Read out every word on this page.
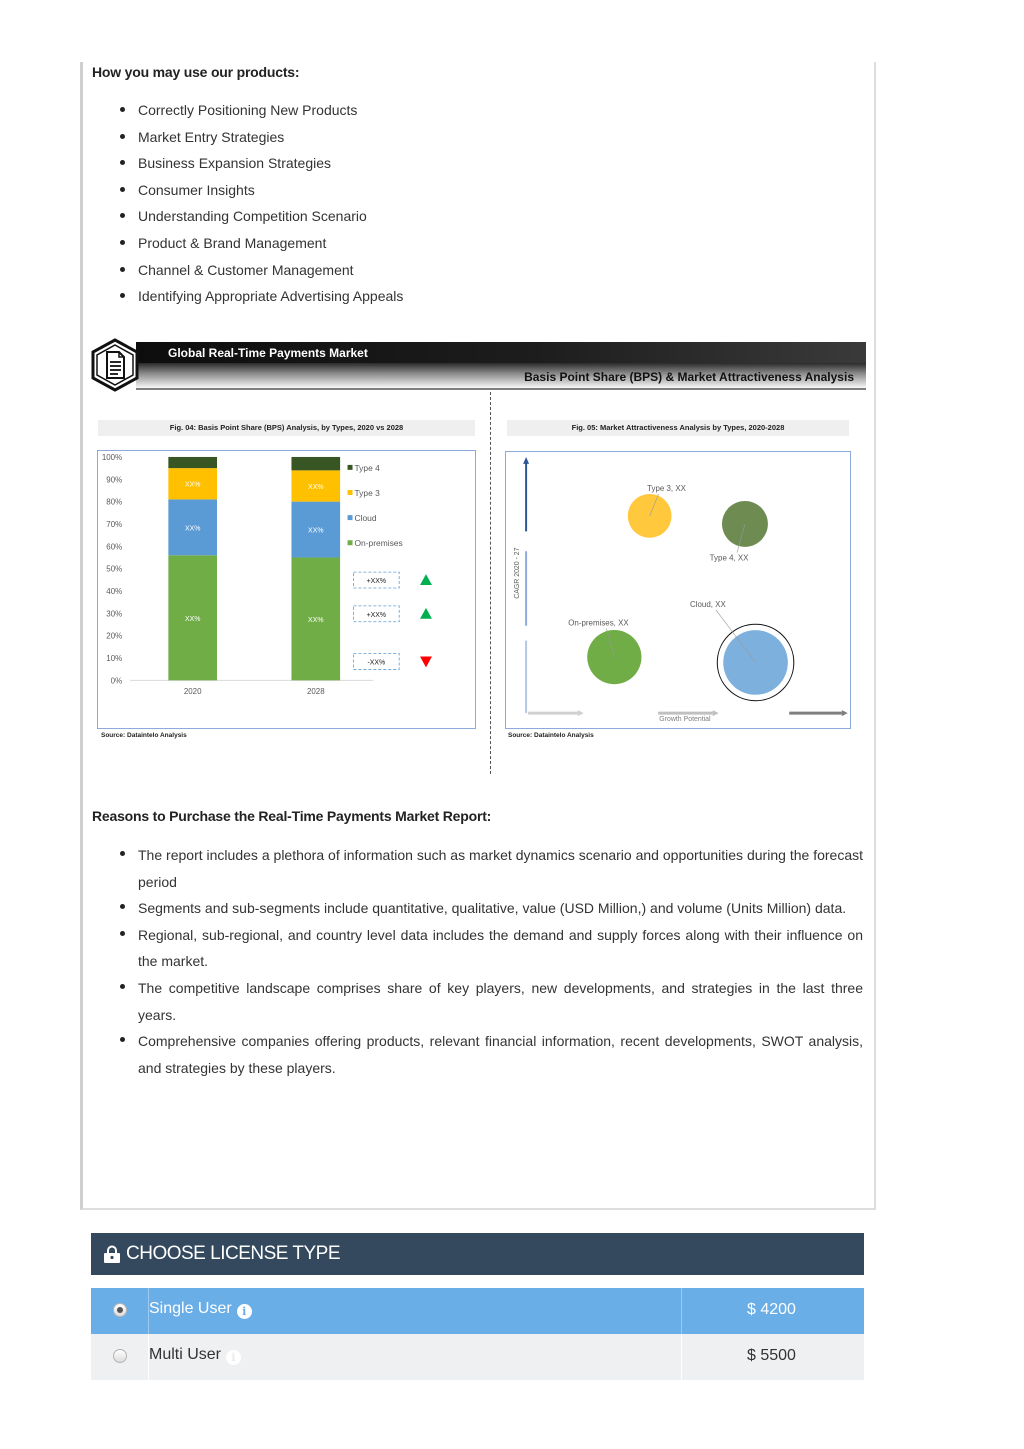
How you may use our products:
Correctly Positioning New Products
Market Entry Strategies
Business Expansion Strategies
Consumer Insights
Understanding Competition Scenario
Product & Brand Management
Channel & Customer Management
Identifying Appropriate Advertising Appeals
Global Real-Time Payments Market
Basis Point Share (BPS) & Market Attractiveness Analysis
Fig. 04: Basis Point Share (BPS) Analysis, by Types, 2020 vs 2028
0%
10%
20%
30%
40%
50%
60%
70%
80%
90%
100%
XX%
XX%
XX%
2020
XX%
XX%
XX%
2028
Type 4
Type 3
Cloud
On-premises
+XX%
+XX%
-XX%
Source: Dataintelo Analysis
Fig. 05: Market Attractiveness Analysis by Types, 2020-2028
CAGR 2020 - 27
Growth Potential
Type 3, XX
Type 4, XX
On-premises, XX
Cloud, XX
Source: Dataintelo Analysis
Reasons to Purchase the Real-Time Payments Market Report:
The report includes a plethora of information such as market dynamics scenario and opportunities during the forecast period
Segments and sub-segments include quantitative, qualitative, value (USD Million,) and volume (Units Million) data.
Regional, sub-regional, and country level data includes the demand and supply forces along with their influence on the market.
The competitive landscape comprises share of key players, new developments, and strategies in the last three years.
Comprehensive companies offering products, relevant financial information, recent developments, SWOT analysis, and strategies by these players.
CHOOSE LICENSE TYPE
Single User i	$ 4200
Multi User i	$ 5500
